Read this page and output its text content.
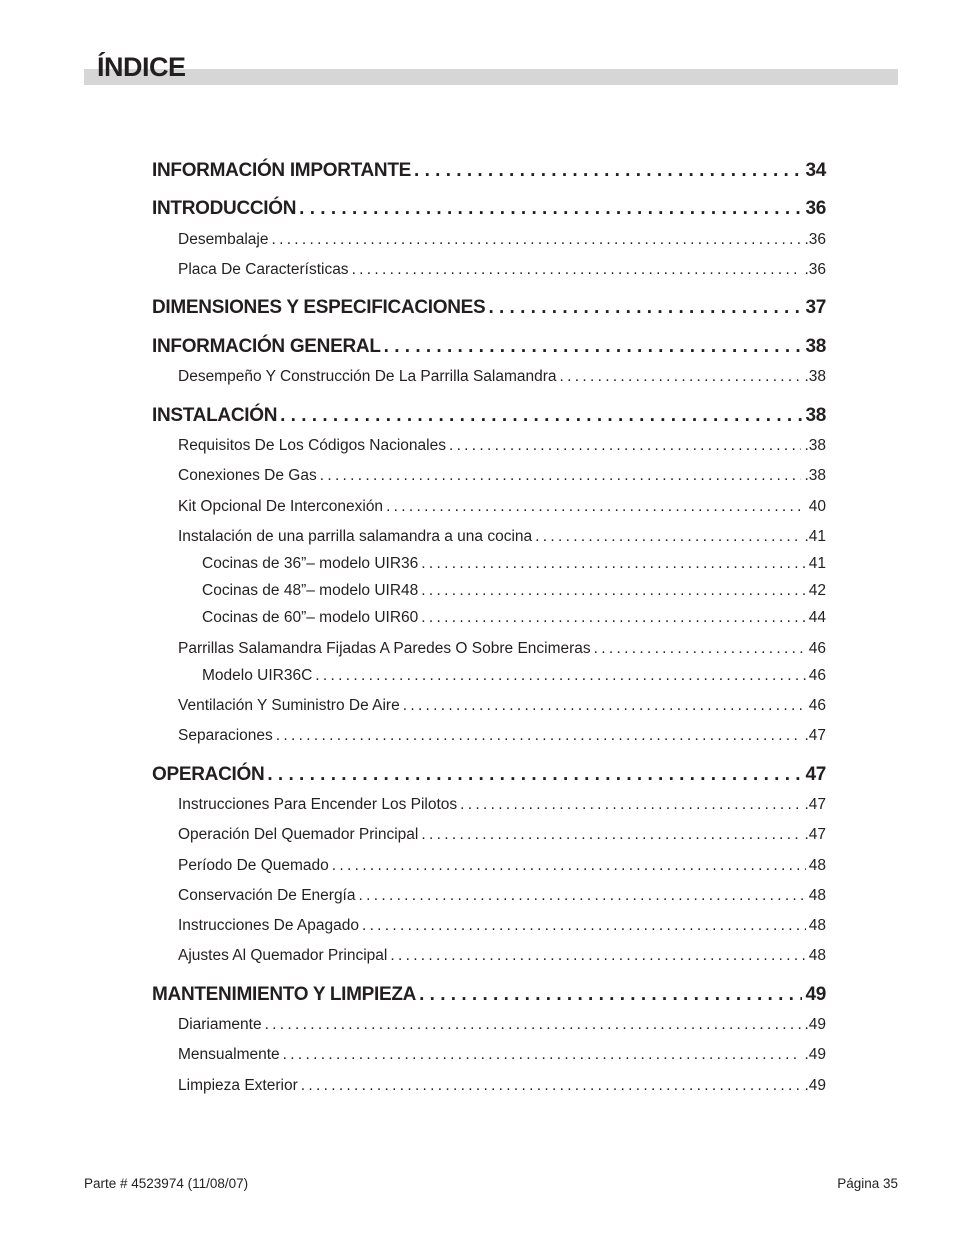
ÍNDICE
INFORMACIÓN IMPORTANTE . . .	34
INTRODUCCIÓN . . .	36
Desembalaje . . .	.36
Placa De Características . . .	.36
DIMENSIONES Y ESPECIFICACIONES . . .	37
INFORMACIÓN GENERAL . . .	38
Desempeño Y Construcción De La Parrilla Salamandra . . .	.38
INSTALACIÓN . . .	38
Requisitos De Los Códigos Nacionales . . .	.38
Conexiones De Gas . . .	.38
Kit Opcional De Interconexión . . .	40
Instalación de una parrilla salamandra a una cocina . . .	.41
Cocinas de 36”– modelo UIR36 . . .	41
Cocinas de 48”– modelo UIR48 . . .	42
Cocinas de 60”– modelo UIR60 . . .	44
Parrillas Salamandra Fijadas A Paredes O Sobre Encimeras . . .	46
Modelo UIR36C . . .	46
Ventilación Y Suministro De Aire . . .	46
Separaciones . . .	.47
OPERACIÓN . . .	47
Instrucciones Para Encender Los Pilotos . . .	.47
Operación Del Quemador Principal . . .	.47
Período De Quemado . . .	48
Conservación De Energía . . .	48
Instrucciones De Apagado . . .	48
Ajustes Al Quemador Principal . . .	48
MANTENIMIENTO Y LIMPIEZA . . .	49
Diariamente . . .	.49
Mensualmente . . .	.49
Limpieza Exterior . . .	.49
Parte # 4523974 (11/08/07)	Página 35
